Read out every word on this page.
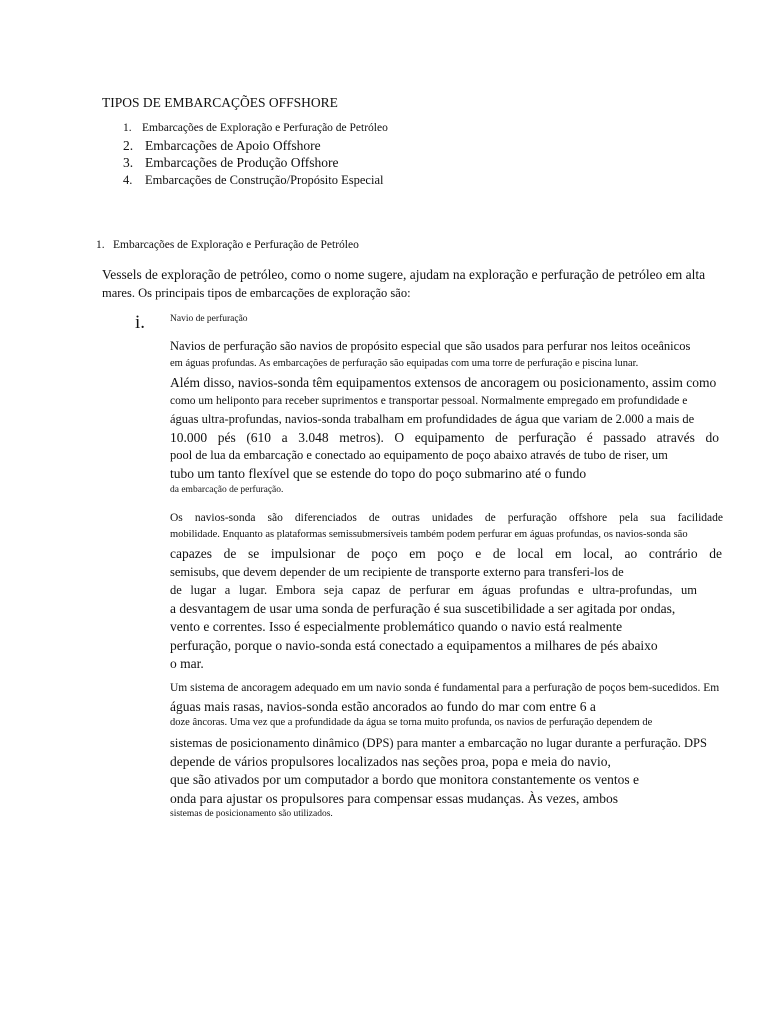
TIPOS DE EMBARCAÇÕES OFFSHORE
1. Embarcações de Exploração e Perfuração de Petróleo
2. Embarcações de Apoio Offshore
3. Embarcações de Produção Offshore
4. Embarcações de Construção/Propósito Especial
1. Embarcações de Exploração e Perfuração de Petróleo
Vessels de exploração de petróleo, como o nome sugere, ajudam na exploração e perfuração de petróleo em alta
mares. Os principais tipos de embarcações de exploração são:
i.	Navio de perfuração
Navios de perfuração são navios de propósito especial que são usados para perfurar nos leitos oceânicos
em águas profundas. As embarcações de perfuração são equipadas com uma torre de perfuração e piscina lunar.
Além disso, navios-sonda têm equipamentos extensos de ancoragem ou posicionamento, assim como
como um heliponto para receber suprimentos e transportar pessoal. Normalmente empregado em profundidade e
águas ultra-profundas, navios-sonda trabalham em profundidades de água que variam de 2.000 a mais de
10.000 pés (610 a 3.048 metros). O equipamento de perfuração é passado através do
pool de lua da embarcação e conectado ao equipamento de poço abaixo através de tubo de riser, um
tubo um tanto flexível que se estende do topo do poço submarino até o fundo
da embarcação de perfuração.
Os navios-sonda são diferenciados de outras unidades de perfuração offshore pela sua facilidade
mobilidade. Enquanto as plataformas semissubmersíveis também podem perfurar em águas profundas, os navios-sonda são
capazes de se impulsionar de poço em poço e de local em local, ao contrário de
semisubs, que devem depender de um recipiente de transporte externo para transferi-los de
de lugar a lugar. Embora seja capaz de perfurar em águas profundas e ultra-profundas, um
a desvantagem de usar uma sonda de perfuração é sua suscetibilidade a ser agitada por ondas,
vento e correntes. Isso é especialmente problemático quando o navio está realmente
perfuração, porque o navio-sonda está conectado a equipamentos a milhares de pés abaixo
o mar.
Um sistema de ancoragem adequado em um navio sonda é fundamental para a perfuração de poços bem-sucedidos. Em
águas mais rasas, navios-sonda estão ancorados ao fundo do mar com entre 6 a
doze âncoras. Uma vez que a profundidade da água se torna muito profunda, os navios de perfuração dependem de
sistemas de posicionamento dinâmico (DPS) para manter a embarcação no lugar durante a perfuração. DPS
depende de vários propulsores localizados nas seções proa, popa e meia do navio,
que são ativados por um computador a bordo que monitora constantemente os ventos e
onda para ajustar os propulsores para compensar essas mudanças. Às vezes, ambos
sistemas de posicionamento são utilizados.
